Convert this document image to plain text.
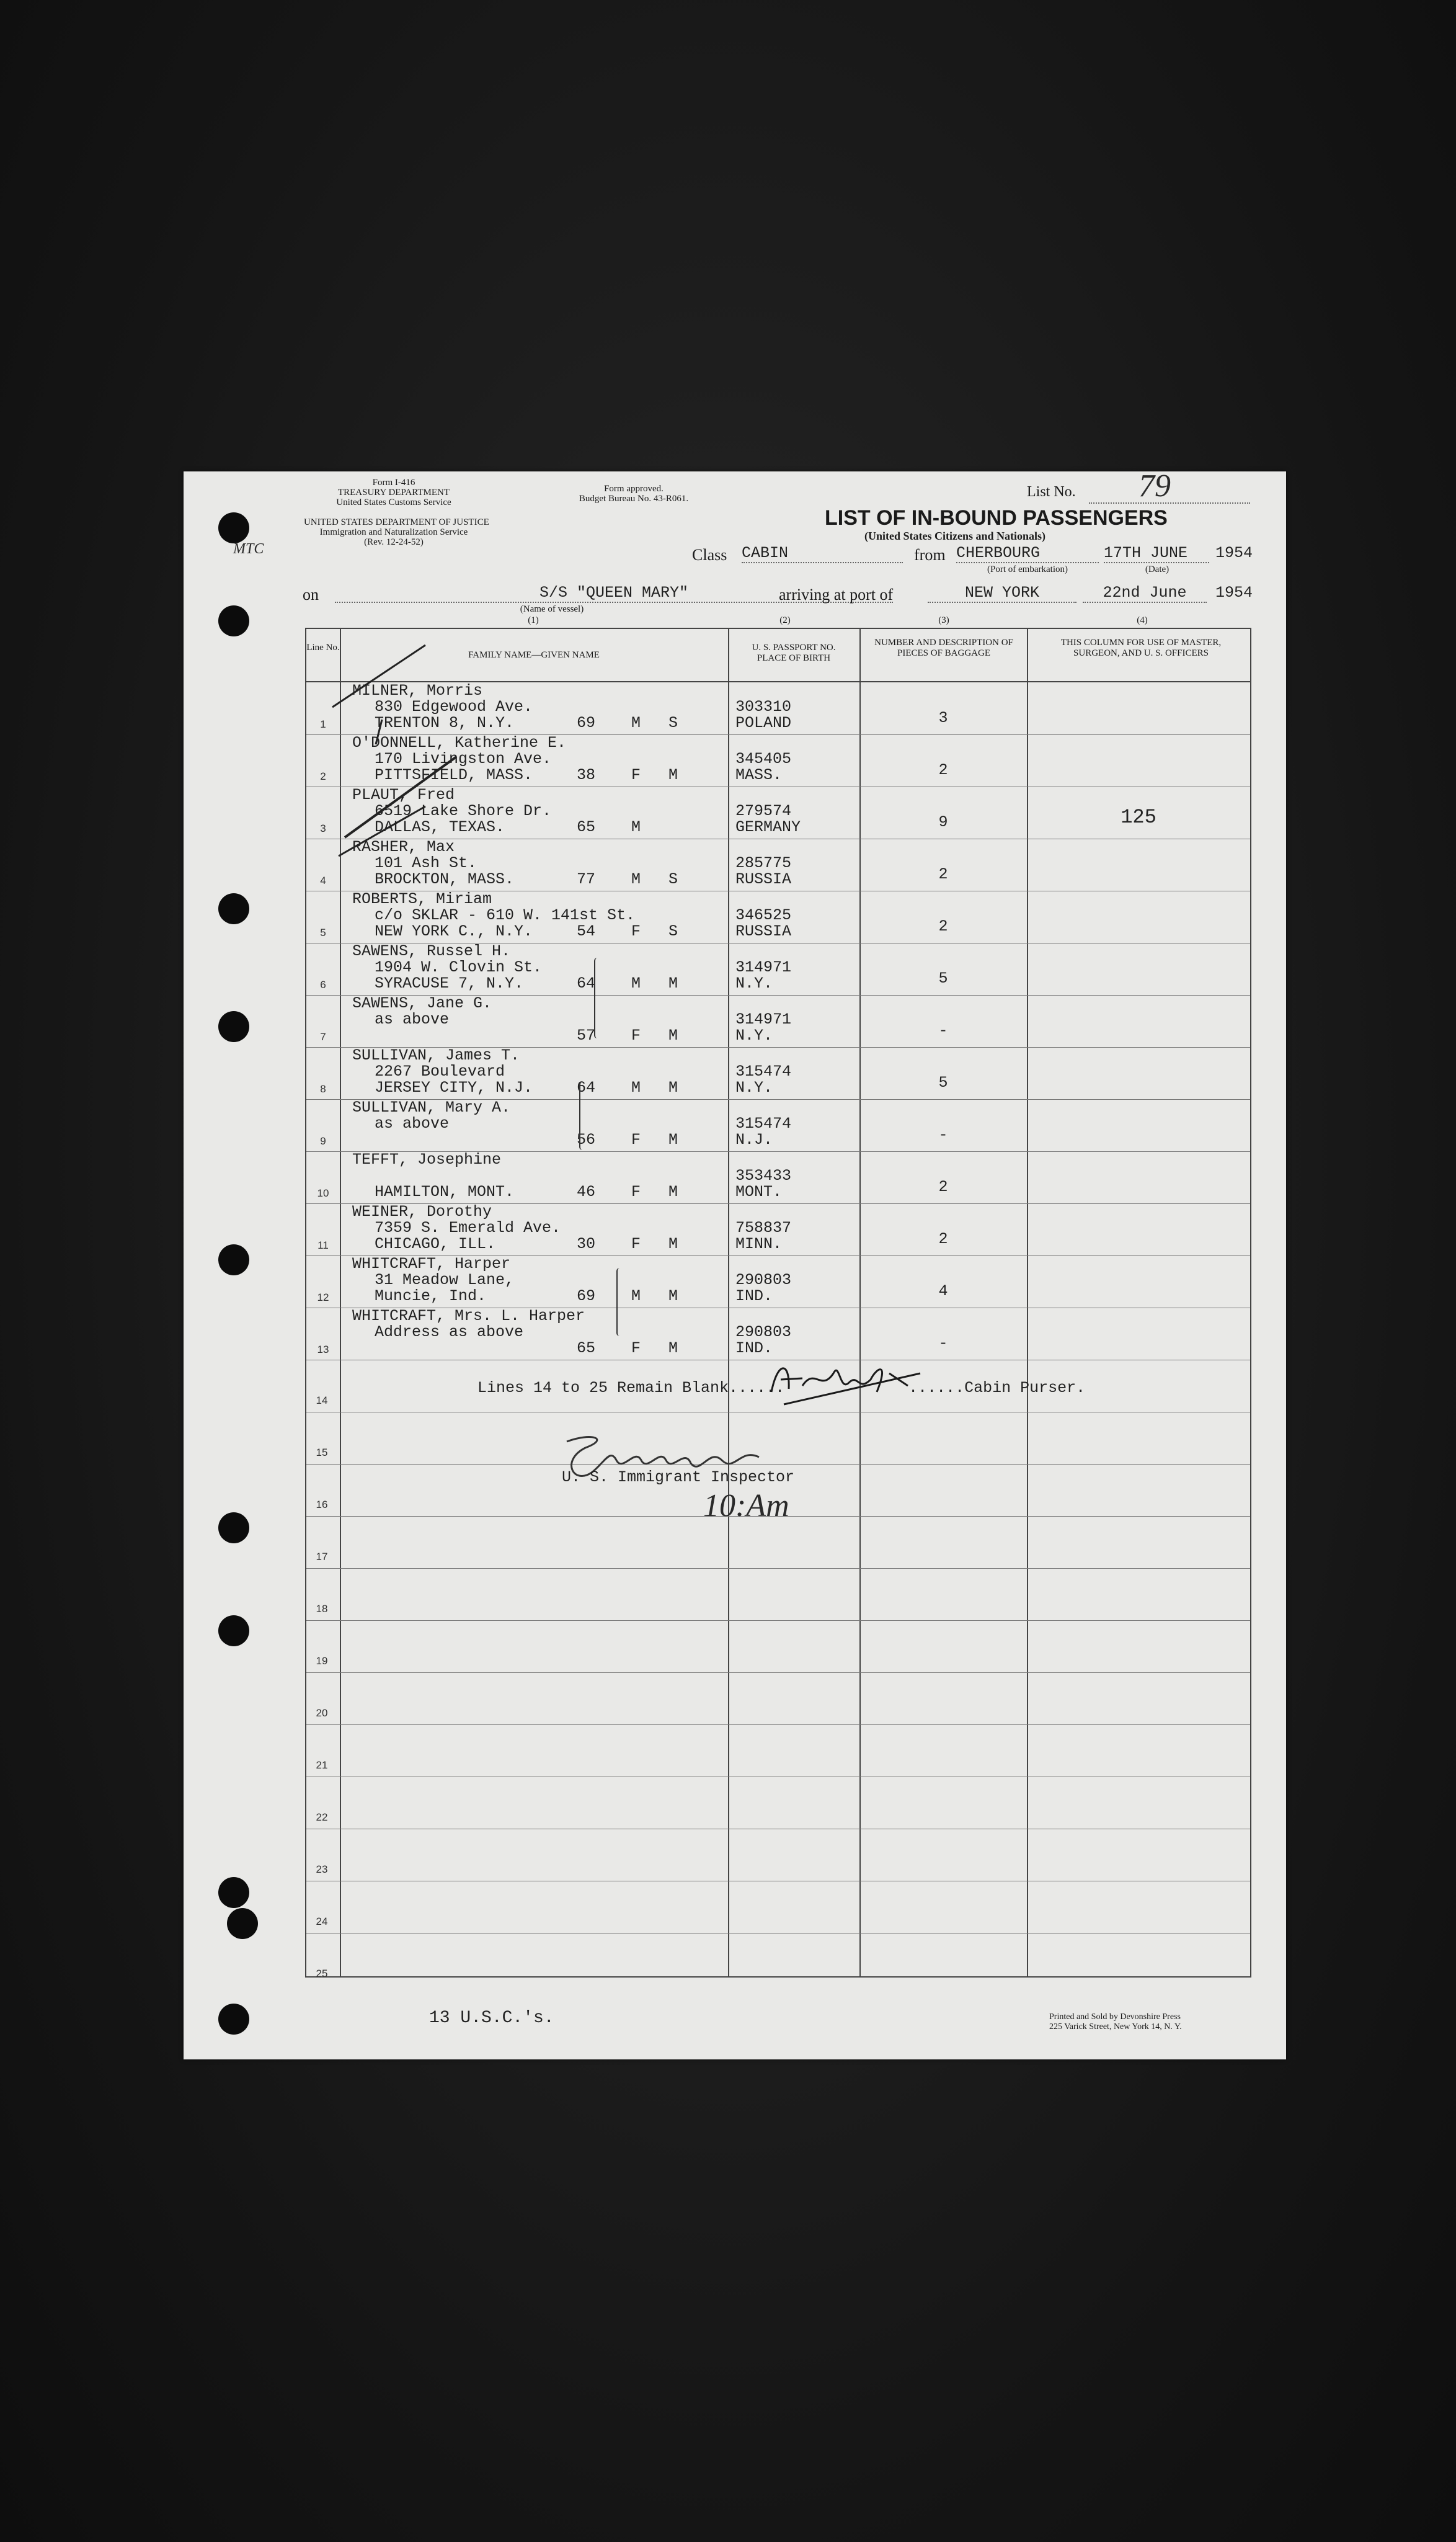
Form I-416
TREASURY DEPARTMENT
United States Customs Service
UNITED STATES DEPARTMENT OF JUSTICE
Immigration and Naturalization Service
(Rev. 12-24-52)
Form approved.
Budget Bureau No. 43-R061.
MTC
List No. 79
LIST OF IN-BOUND PASSENGERS
(United States Citizens and Nationals)
Class CABIN	from CHERBOURG
(Port of embarkation)
17TH JUNE	1954
(Date)
on	S/S "QUEEN MARY"
(Name of vessel)
arriving at port of	NEW YORK	22nd June	1954
(1)	(2)	(3)	(4)
Line No.
FAMILY NAME—GIVEN NAME
U. S. PASSPORT NO. PLACE OF BIRTH
NUMBER AND DESCRIPTION OF PIECES OF BAGGAGE
THIS COLUMN FOR USE OF MASTER, SURGEON, AND U. S. OFFICERS
1
MILNER, Morris
830 Edgewood Ave.
TRENTON 8, N.Y.	69 M S
303310
POLAND	3
2
O'DONNELL, Katherine E.
170 Livingston Ave.
PITTSFIELD, MASS.	38 F M
345405
MASS.	2
3
PLAUT, Fred
6519 Lake Shore Dr.
DALLAS, TEXAS.	65 M
279574
GERMANY	9	125
4
RASHER, Max
101 Ash St.
BROCKTON, MASS.	77 M S
285775
RUSSIA	2
5
ROBERTS, Miriam
c/o SKLAR - 610 W. 141st St.
NEW YORK C., N.Y.	54 F S
346525
RUSSIA	2
6
SAWENS, Russel H.
1904 W. Clovin St.
SYRACUSE 7, N.Y.	64 M M
314971
N.Y.	5
7
SAWENS, Jane G.
as above
57 F M
314971
N.Y.	-
8
SULLIVAN, James T.
2267 Boulevard
JERSEY CITY, N.J.	64 M M
315474
N.Y.	5
9
SULLIVAN, Mary A.
as above
56 F M
315474
N.J.	-
10
TEFFT, Josephine
HAMILTON, MONT.	46 F M
353433
MONT.	2
11
WEINER, Dorothy
7359 S. Emerald Ave.
CHICAGO, ILL.	30 F M
758837
MINN.	2
12
WHITCRAFT, Harper
31 Meadow Lane,
Muncie, Ind.	69 M M
290803
IND.	4
13
WHITCRAFT, Mrs. L. Harper
Address as above
65 F M
290803
IND.	-
14
15
16
17
18
19
20
21
22
23
24
25
Lines 14 to 25 Remain Blank......	......Cabin Purser.
U. S. Immigrant Inspector
10:Am
13 U.S.C.'s.	Printed and Sold by Devonshire Press
225 Varick Street, New York 14, N. Y.
